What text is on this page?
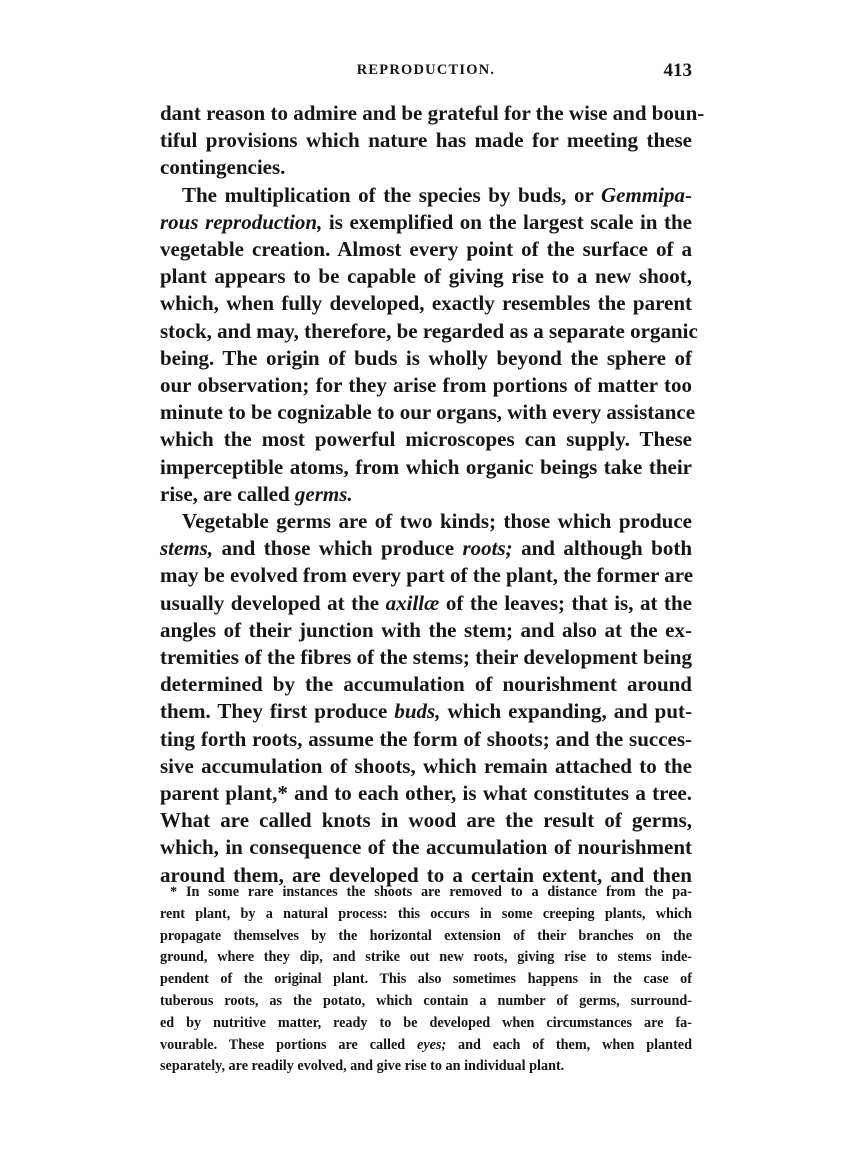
REPRODUCTION.	413
dant reason to admire and be grateful for the wise and boun-
tiful provisions which nature has made for meeting these
contingencies.
The multiplication of the species by buds, or Gemmipa-
rous reproduction, is exemplified on the largest scale in the
vegetable creation. Almost every point of the surface of a
plant appears to be capable of giving rise to a new shoot,
which, when fully developed, exactly resembles the parent
stock, and may, therefore, be regarded as a separate organic
being. The origin of buds is wholly beyond the sphere of
our observation; for they arise from portions of matter too
minute to be cognizable to our organs, with every assistance
which the most powerful microscopes can supply. These
imperceptible atoms, from which organic beings take their
rise, are called germs.
Vegetable germs are of two kinds; those which produce
stems, and those which produce roots; and although both
may be evolved from every part of the plant, the former are
usually developed at the axillæ of the leaves; that is, at the
angles of their junction with the stem; and also at the ex-
tremities of the fibres of the stems; their development being
determined by the accumulation of nourishment around
them. They first produce buds, which expanding, and put-
ting forth roots, assume the form of shoots; and the succes-
sive accumulation of shoots, which remain attached to the
parent plant,* and to each other, is what constitutes a tree.
What are called knots in wood are the result of germs,
which, in consequence of the accumulation of nourishment
around them, are developed to a certain extent, and then
* In some rare instances the shoots are removed to a distance from the pa-
rent plant, by a natural process: this occurs in some creeping plants, which
propagate themselves by the horizontal extension of their branches on the
ground, where they dip, and strike out new roots, giving rise to stems inde-
pendent of the original plant. This also sometimes happens in the case of
tuberous roots, as the potato, which contain a number of germs, surround-
ed by nutritive matter, ready to be developed when circumstances are fa-
vourable. These portions are called eyes; and each of them, when planted
separately, are readily evolved, and give rise to an individual plant.
